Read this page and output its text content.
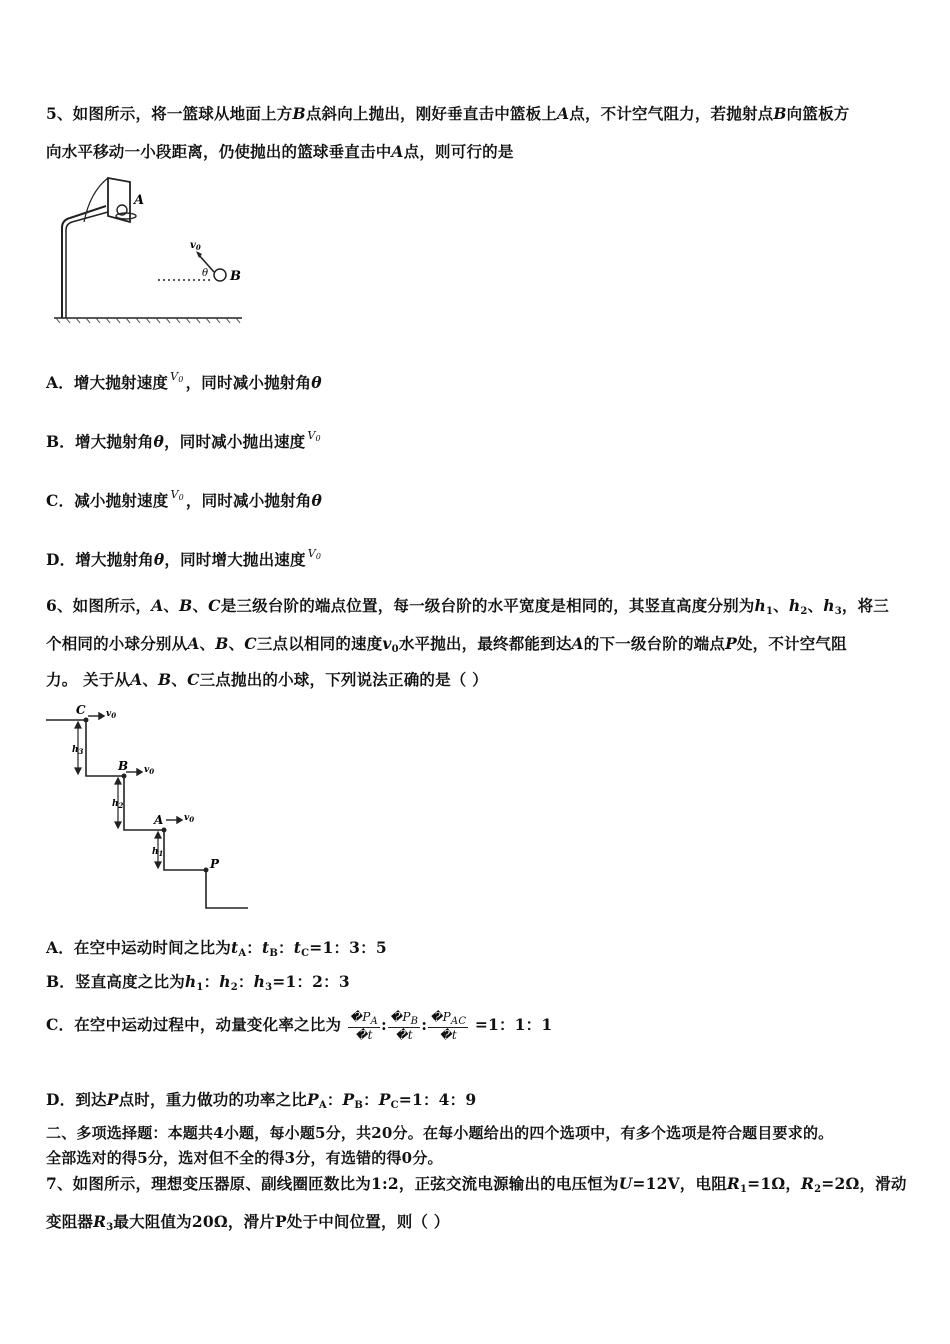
5、如图所示，将一篮球从地面上方B点斜向上抛出，刚好垂直击中篮板上A点，不计空气阻力，若抛射点B向篮板方
向水平移动一小段距离，仍使抛出的篮球垂直击中A点，则可行的是
A
B
$v_0$
θ
A．增大抛射速度 $^{V0}$ ，同时减小抛射角θ
B．增大抛射角θ，同时减小抛出速度 $^{V0}$
C．减小抛射速度 $^{V0}$ ，同时减小抛射角θ
D．增大抛射角θ，同时增大抛出速度 $^{V0}$
6、如图所示，A、B、C是三级台阶的端点位置，每一级台阶的水平宽度是相同的，其竖直高度分别为$h_1$、$h_2$、$h_3$，将三
个相同的小球分别从A、B、C三点以相同的速度$v_0$水平抛出，最终都能到达A的下一级台阶的端点P处，不计空气阻
力。 关于从A、B、C三点抛出的小球，下列说法正确的是（ ）
C
B
A
P
$v_0$
$v_0$
$v_0$
$h_3$
$h_2$
$h_1$
A．在空中运动时间之比为$t_A$：$t_B$：$t_C=1$：3：5
B．竖直高度之比为$h_1$：$h_2$：$h_3=1$：2：3
C．在空中运动过程中，动量变化率之比为 $\frac{�P_A}{�t}$ : $\frac{�P_B}{�t}$ : $\frac{�P_{AC}}{�t} =1$：1：1
D．到达P点时，重力做功的功率之比$P_A$：$P_B$：$P_C=1$：4：9
二、多项选择题：本题共4小题，每小题5分，共20分。在每小题给出的四个选项中，有多个选项是符合题目要求的。
全部选对的得5分，选对但不全的得3分，有选错的得0分。
7、如图所示，理想变压器原、副线圈匝数比为1:2，正弦交流电源输出的电压恒为U=12V，电阻$R_1=1\Omega$，$R_2=2\Omega$，滑动
变阻器$R_3$最大阻值为20Ω，滑片P处于中间位置，则（ ）
